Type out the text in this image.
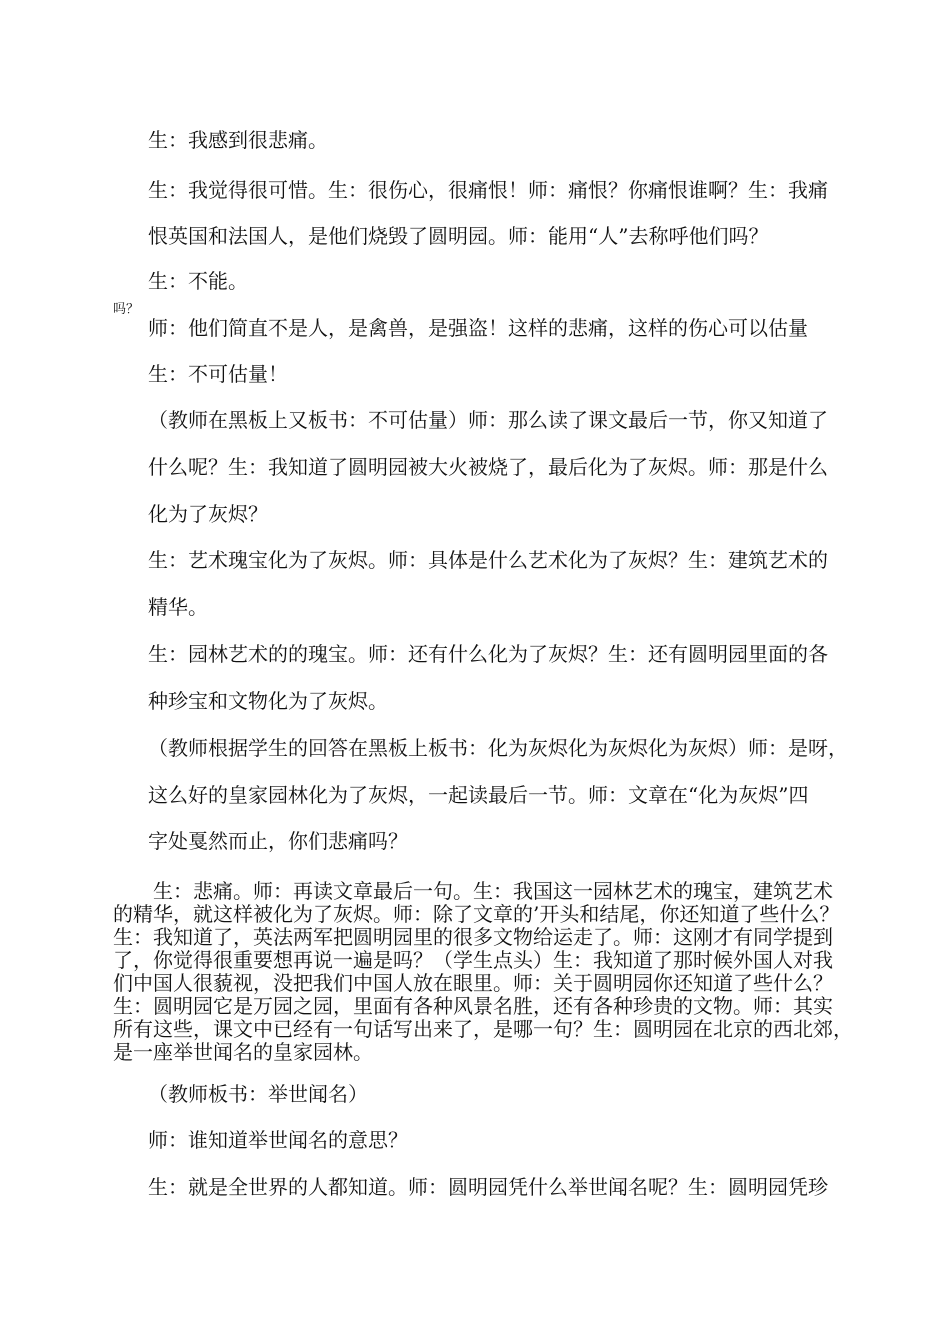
吗？
生：我感到很悲痛。
生：我觉得很可惜。生：很伤心，很痛恨！师：痛恨？你痛恨谁啊？生：我痛
恨英国和法国人，是他们烧毁了圆明园。师：能用“人”去称呼他们吗？
生：不能。
师：他们简直不是人，是禽兽，是强盗！这样的悲痛，这样的伤心可以估量
生：不可估量！
（教师在黑板上又板书：不可估量）师：那么读了课文最后一节，你又知道了
什么呢？生：我知道了圆明园被大火被烧了，最后化为了灰烬。师：那是什么
化为了灰烬？
生：艺术瑰宝化为了灰烬。师：具体是什么艺术化为了灰烬？生：建筑艺术的
精华。
生：园林艺术的的瑰宝。师：还有什么化为了灰烬？生：还有圆明园里面的各
种珍宝和文物化为了灰烬。
（教师根据学生的回答在黑板上板书：化为灰烬化为灰烬化为灰烬）师：是呀，
这么好的皇家园林化为了灰烬，一起读最后一节。师：文章在“化为灰烬”四
字处戛然而止，你们悲痛吗？

　　生：悲痛。师：再读文章最后一句。生：我国这一园林艺术的瑰宝，建筑艺术

的精华，就这样被化为了灰烬。师：除了文章的’开头和结尾，你还知道了些什么？

生：我知道了，英法两军把圆明园里的很多文物给运走了。师：这刚才有同学提到

了，你觉得很重要想再说一遍是吗？（学生点头）生：我知道了那时候外国人对我

们中国人很藐视，没把我们中国人放在眼里。师：关于圆明园你还知道了些什么？

生：圆明园它是万园之园，里面有各种风景名胜，还有各种珍贵的文物。师：其实

所有这些，课文中已经有一句话写出来了，是哪一句？生：圆明园在北京的西北郊，

是一座举世闻名的皇家园林。

（教师板书：举世闻名）
师：谁知道举世闻名的意思？
生：就是全世界的人都知道。师：圆明园凭什么举世闻名呢？生：圆明园凭珍
